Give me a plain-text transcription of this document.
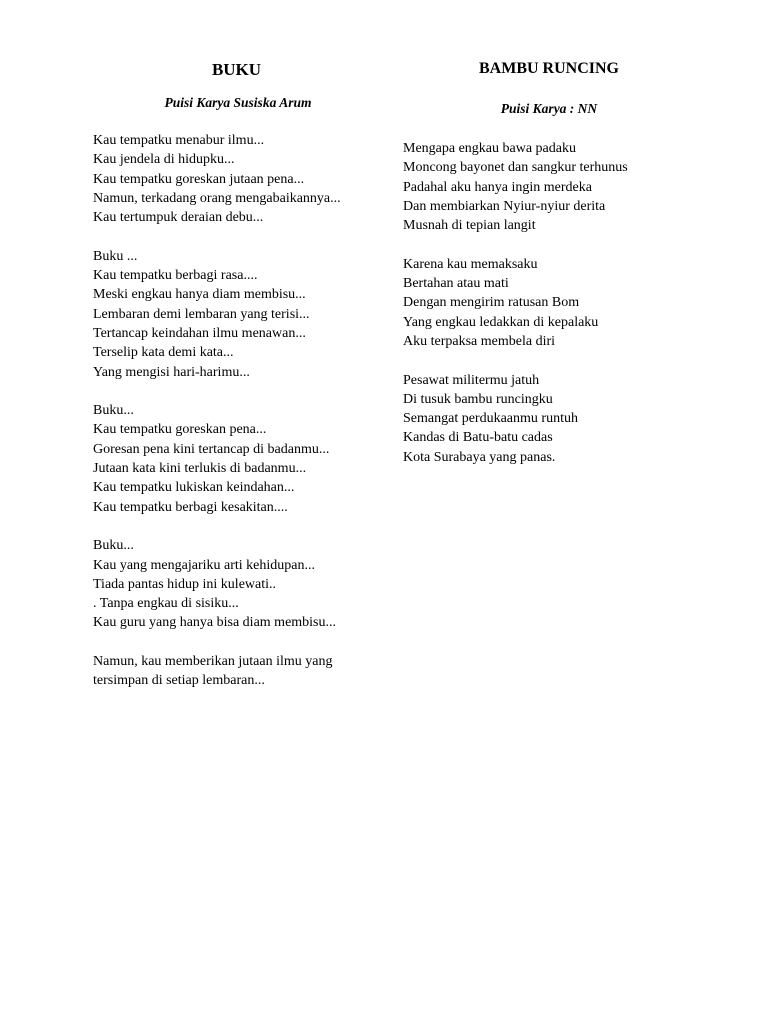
BUKU

Puisi Karya Susiska Arum

Kau tempatku menabur ilmu...
Kau jendela di hidupku...
Kau tempatku goreskan jutaan pena...
Namun, terkadang orang mengabaikannya...
Kau tertumpuk deraian debu...
Buku ...
Kau tempatku berbagi rasa....
Meski engkau hanya diam membisu...
Lembaran demi lembaran yang terisi...
Tertancap keindahan ilmu menawan...
Terselip kata demi kata...
Yang mengisi hari-harimu...
Buku...
Kau tempatku goreskan pena...
Goresan pena kini tertancap di badanmu...
Jutaan kata kini terlukis di badanmu...
Kau tempatku lukiskan keindahan...
Kau tempatku berbagi kesakitan....
Buku...
Kau yang mengajariku arti kehidupan...
Tiada pantas hidup ini kulewati..
. Tanpa engkau di sisiku...
Kau guru yang hanya bisa diam membisu...
Namun, kau memberikan jutaan ilmu yang
tersimpan di setiap lembaran...
BAMBU RUNCING

Puisi Karya : NN

Mengapa engkau bawa padaku
Moncong bayonet dan sangkur terhunus
Padahal aku hanya ingin merdeka
Dan membiarkan Nyiur-nyiur derita
Musnah di tepian langit
Karena kau memaksaku
Bertahan atau mati
Dengan mengirim ratusan Bom
Yang engkau ledakkan di kepalaku
Aku terpaksa membela diri
Pesawat militermu jatuh
Di tusuk bambu runcingku
Semangat perdukaanmu runtuh
Kandas di Batu-batu cadas
Kota Surabaya yang panas.
